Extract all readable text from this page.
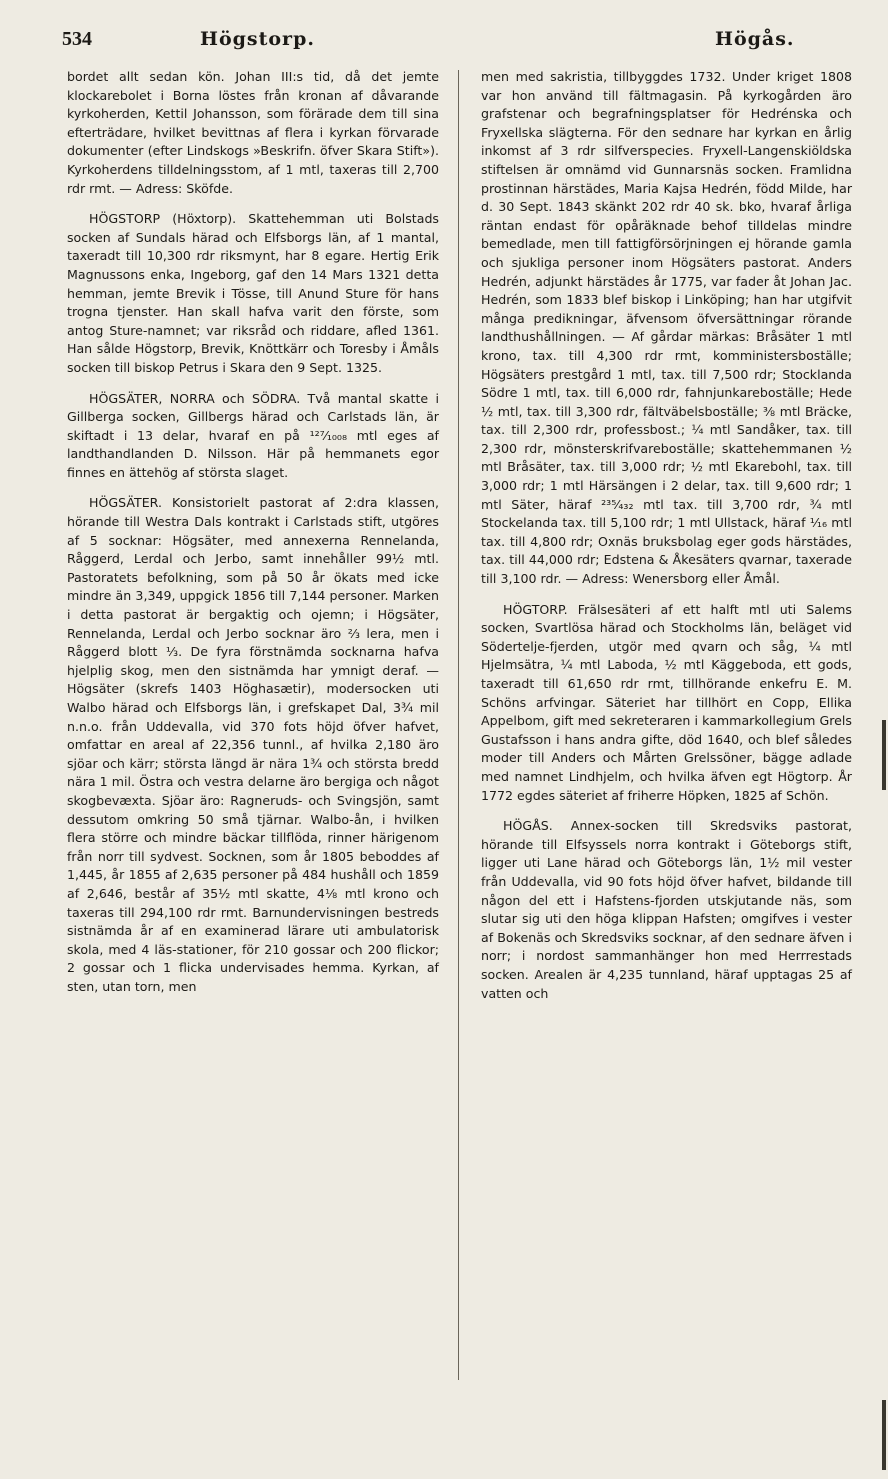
534	Högstorp.	Högås.

bordet allt sedan kön. Johan III:s tid, då det jemte klockarebolet i Borna löstes från kronan af dåvarande kyrkoherden, Kettil Johansson, som förärade dem till sina efterträdare, hvilket bevittnas af flera i kyrkan förvarade dokumenter (efter Lindskogs »Beskrifn. öfver Skara Stift»). Kyrkoherdens tilldelningsstom, af 1 mtl, taxeras till 2,700 rdr rmt. — Adress: Sköfde.

HÖGSTORP (Höxtorp). Skattehemman uti Bolstads socken af Sundals härad och Elfsborgs län, af 1 mantal, taxeradt till 10,300 rdr riksmynt, har 8 egare. Hertig Erik Magnussons enka, Ingeborg, gaf den 14 Mars 1321 detta hemman, jemte Brevik i Tösse, till Anund Sture för hans trogna tjenster. Han skall hafva varit den förste, som antog Sture-namnet; var riksråd och riddare, afled 1361. Han sålde Högstorp, Brevik, Knöttkärr och Toresby i Åmåls socken till biskop Petrus i Skara den 9 Sept. 1325.

HÖGSÄTER, NORRA och SÖDRA. Två mantal skatte i Gillberga socken, Gillbergs härad och Carlstads län, är skiftadt i 13 delar, hvaraf en på ¹²⁷⁄₁₀₀₈ mtl eges af landthandlanden D. Nilsson. Här på hemmanets egor finnes en ättehög af största slaget.

HÖGSÄTER. Konsistorielt pastorat af 2:dra klassen, hörande till Westra Dals kontrakt i Carlstads stift, utgöres af 5 socknar: Högsäter, med annexerna Rennelanda, Råggerd, Lerdal och Jerbo, samt innehåller 99½ mtl. Pastoratets befolkning, som på 50 år ökats med icke mindre än 3,349, uppgick 1856 till 7,144 personer. Marken i detta pastorat är bergaktig och ojemn; i Högsäter, Rennelanda, Lerdal och Jerbo socknar äro ⅔ lera, men i Råggerd blott ⅓. De fyra förstnämda socknarna hafva hjelplig skog, men den sistnämda har ymnigt deraf. — Högsäter (skrefs 1403 Höghasætir), modersocken uti Walbo härad och Elfsborgs län, i grefskapet Dal, 3¾ mil n.n.o. från Uddevalla, vid 370 fots höjd öfver hafvet, omfattar en areal af 22,356 tunnl., af hvilka 2,180 äro sjöar och kärr; största längd är nära 1¾ och största bredd nära 1 mil. Östra och vestra delarne äro bergiga och något skogbevæxta. Sjöar äro: Ragneruds- och Svingsjön, samt dessutom omkring 50 små tjärnar. Walbo-ån, i hvilken flera större och mindre bäckar tillflöda, rinner härigenom från norr till sydvest. Socknen, som år 1805 beboddes af 1,445, år 1855 af 2,635 personer på 484 hushåll och 1859 af 2,646, består af 35½ mtl skatte, 4⅛ mtl krono och taxeras till 294,100 rdr rmt. Barnundervisningen bestreds sistnämda år af en examinerad lärare uti ambulatorisk skola, med 4 läs-stationer, för 210 gossar och 200 flickor; 2 gossar och 1 flicka undervisades hemma. Kyrkan, af sten, utan torn, men

men med sakristia, tillbyggdes 1732. Under kriget 1808 var hon använd till fältmagasin. På kyrkogården äro grafstenar och begrafningsplatser för Hedrénska och Fryxellska slägterna. För den sednare har kyrkan en årlig inkomst af 3 rdr silfverspecies. Fryxell-Langenskiöldska stiftelsen är omnämd vid Gunnarsnäs socken. Framlidna prostinnan härstädes, Maria Kajsa Hedrén, född Milde, har d. 30 Sept. 1843 skänkt 202 rdr 40 sk. bko, hvaraf årliga räntan endast för opåräknade behof tilldelas mindre bemedlade, men till fattigförsörjningen ej hörande gamla och sjukliga personer inom Högsäters pastorat. Anders Hedrén, adjunkt härstädes år 1775, var fader åt Johan Jac. Hedrén, som 1833 blef biskop i Linköping; han har utgifvit många predikningar, äfvensom öfversättningar rörande landthushållningen. — Af gårdar märkas: Bråsäter 1 mtl krono, tax. till 4,300 rdr rmt, komministersboställe; Högsäters prestgård 1 mtl, tax. till 7,500 rdr; Stocklanda Södre 1 mtl, tax. till 6,000 rdr, fahnjunkareboställe; Hede ½ mtl, tax. till 3,300 rdr, fältväbelsboställe; ⅜ mtl Bräcke, tax. till 2,300 rdr, professbost.; ¼ mtl Sandåker, tax. till 2,300 rdr, mönsterskrifvareboställe; skattehemmanen ½ mtl Bråsäter, tax. till 3,000 rdr; ½ mtl Ekarebohl, tax. till 3,000 rdr; 1 mtl Härsängen i 2 delar, tax. till 9,600 rdr; 1 mtl Säter, häraf ²³⁵⁄₄₃₂ mtl tax. till 3,700 rdr, ¾ mtl Stockelanda tax. till 5,100 rdr; 1 mtl Ullstack, häraf ¹⁄₁₆ mtl tax. till 4,800 rdr; Oxnäs bruksbolag eger gods härstädes, tax. till 44,000 rdr; Edstena & Åkesäters qvarnar, taxerade till 3,100 rdr. — Adress: Wenersborg eller Åmål.

HÖGTORP. Frälsesäteri af ett halft mtl uti Salems socken, Svartlösa härad och Stockholms län, beläget vid Södertelje-fjerden, utgör med qvarn och såg, ¼ mtl Hjelmsätra, ¼ mtl Laboda, ½ mtl Käggeboda, ett gods, taxeradt till 61,650 rdr rmt, tillhörande enkefru E. M. Schöns arfvingar. Säteriet har tillhört en Copp, Ellika Appelbom, gift med sekreteraren i kammarkollegium Grels Gustafsson i hans andra gifte, död 1640, och blef således moder till Anders och Mårten Grelssöner, bägge adlade med namnet Lindhjelm, och hvilka äfven egt Högtorp. År 1772 egdes säteriet af friherre Höpken, 1825 af Schön.

HÖGÅS. Annex-socken till Skredsviks pastorat, hörande till Elfsyssels norra kontrakt i Göteborgs stift, ligger uti Lane härad och Göteborgs län, 1½ mil vester från Uddevalla, vid 90 fots höjd öfver hafvet, bildande till någon del ett i Hafstens-fjorden utskjutande näs, som slutar sig uti den höga klippan Hafsten; omgifves i vester af Bokenäs och Skredsviks socknar, af den sednare äfven i norr; i nordost sammanhänger hon med Herrrestads socken. Arealen är 4,235 tunnland, häraf upptagas 25 af vatten och
